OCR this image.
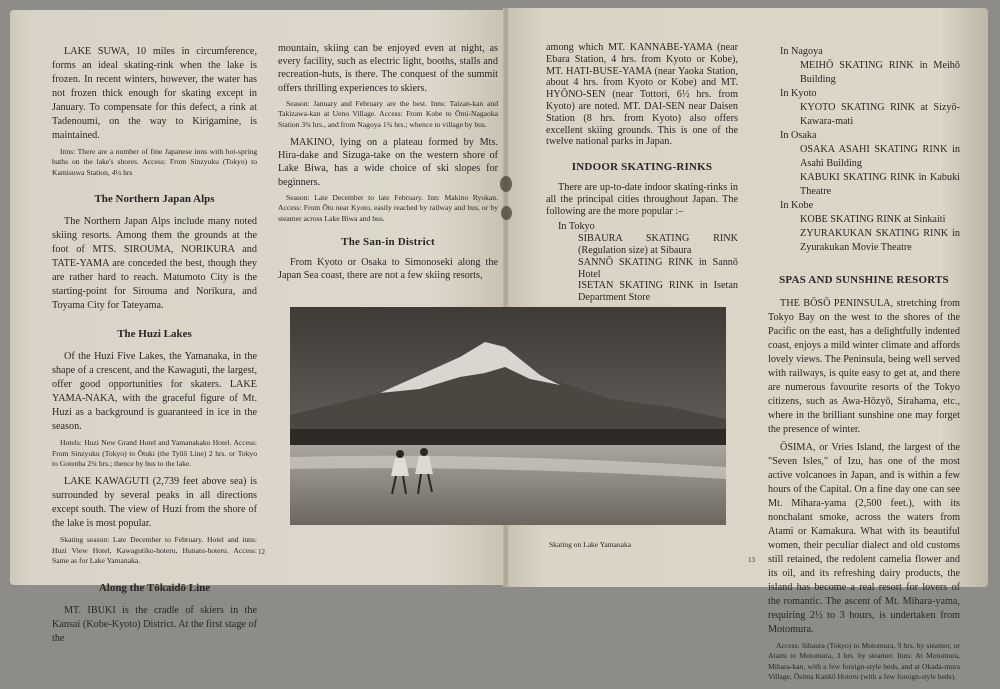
LAKE SUWA, 10 miles in circumference, forms an ideal skating-rink when the lake is frozen. In recent winters, however, the water has not frozen thick enough for skating except in January. To compensate for this defect, a rink at Tadenoumi, on the way to Kirigamine, is maintained.

Inns: There are a number of fine Japanese inns with hot-spring baths on the lake's shores. Access: From Sinzyuku (Tokyo) to Kamisuwa Station, 4¼ hrs

The Northern Japan Alps

The Northern Japan Alps include many noted skiing resorts. Among them the grounds at the foot of MTS. SIROUMA, NORIKURA and TATE-YAMA are conceded the best, though they are rather hard to reach. Matumoto City is the starting-point for Sirouma and Norikura, and Toyama City for Tateyama.

The Huzi Lakes

Of the Huzi Five Lakes, the Yamanaka, in the shape of a crescent, and the Kawaguti, the largest, offer good opportunities for skaters. LAKE YAMA-NAKA, with the graceful figure of Mt. Huzi as a background is guaranteed in ice in the season.

Hotels: Huzi New Grand Hotel and Yamanakako Hotel. Access: From Sinzyuku (Tokyo) to Ōtuki (the Tyūō Line) 2 hrs. or Tokyo to Gotenba 2¾ hrs.; thence by bus to the lake.

LAKE KAWAGUTI (2,739 feet above sea) is surrounded by several peaks in all directions except south. The view of Huzi from the shore of the lake is most popular.

Skating season: Late December to February. Hotel and inns: Huzi View Hotel, Kawagutiko-hoteru, Hunatu-hoteru. Access: Same as for Lake Yamanaka.

Along the Tōkaidō Line

MT. IBUKI is the cradle of skiers in the Kansai (Kobe-Kyoto) District. At the first stage of the

mountain, skiing can be enjoyed even at night, as every facility, such as electric light, booths, stalls and recreation-huts, is there. The conquest of the summit offers thrilling experiences to skiers.

Season: January and February are the best. Inns: Taizan-kan and Takizawa-kan at Ueno Village. Access: From Kobe to Ōmi-Nagaoka Station 3¾ hrs., and from Nagoya 1¾ hrs.; whence to village by bus.

MAKINO, lying on a plateau formed by Mts. Hira-dake and Sizuga-take on the western shore of Lake Biwa, has a wide choice of ski slopes for beginners.

Season: Late December to late February. Inn: Makino Ryokan. Access: From Ōtu near Kyoto, easily reached by railway and bus, or by steamer across Lake Biwa and bus.

The San-in District

From Kyoto or Osaka to Simonoseki along the Japan Sea coast, there are not a few skiing resorts,

among which MT. KANNABE-YAMA (near Ebara Station, 4 hrs. from Kyoto or Kobe), MT. HATI-BUSE-YAMA (near Yaoka Station, about 4 hrs. from Kyoto or Kobe) and MT. HYŌNO-SEN (near Tottori, 6½ hrs. from Kyoto) are noted. MT. DAI-SEN near Daisen Station (8 hrs. from Kyoto) also offers excellent skiing grounds. This is one of the twelve national parks in Japan.

INDOOR SKATING-RINKS

There are up-to-date indoor skating-rinks in all the principal cities throughout Japan. The following are the more popular :–

In Tokyo

SIBAURA SKATING RINK (Regulation size) at Sibaura

SANNŌ SKATING RINK in Sannō Hotel

ISETAN SKATING RINK in Isetan Department Store

In Nagoya

MEIHŌ SKATING RINK in Meihō Building

In Kyoto

KYOTO SKATING RINK at Sizyō-Kawara-mati

In Osaka

OSAKA ASAHI SKATING RINK in Asahi Building

KABUKI SKATING RINK in Kabuki Theatre

In Kobe

KOBE SKATING RINK at Sinkaiti

ZYURAKUKAN SKATING RINK in Zyurakukan Movie Theatre

SPAS AND SUNSHINE RESORTS

THE BŌSŌ PENINSULA, stretching from Tokyo Bay on the west to the shores of the Pacific on the east, has a delightfully indented coast, enjoys a mild winter climate and affords lovely views. The Peninsula, being well served with railways, is quite easy to get at, and there are numerous favourite resorts of the Tokyo citizens, such as Awa-Hōzyō, Sirahama, etc., where in the brilliant sunshine one may forget the presence of winter.

ŌSIMA, or Vries Island, the largest of the "Seven Isles," of Izu, has one of the most active volcanoes in Japan, and is within a few hours of the Capital. On a fine day one can see Mt. Mihara-yama (2,500 feet.), with its nonchalant smoke, across the waters from Atami or Kamakura. What with its beautiful women, their peculiar dialect and old customs still retained, the redolent camelia flower and its oil, and its refreshing dairy products, the island has become a real resort for lovers of the romantic. The ascent of Mt. Mihara-yama, requiring 2½ to 3 hours, is undertaken from Motomura.

Access: Sibaura (Tokyo) to Motomura, 9 hrs. by steamer, or Atami to Motomura, 3 hrs. by steamer. Inns: At Motomura, Mihara-kan, with a few foreign-style beds, and at Okada-mura Village, Ōsima Kankō Hoteru (with a few foreign-style beds).

12
13
Skating on Lake Yamanaka
